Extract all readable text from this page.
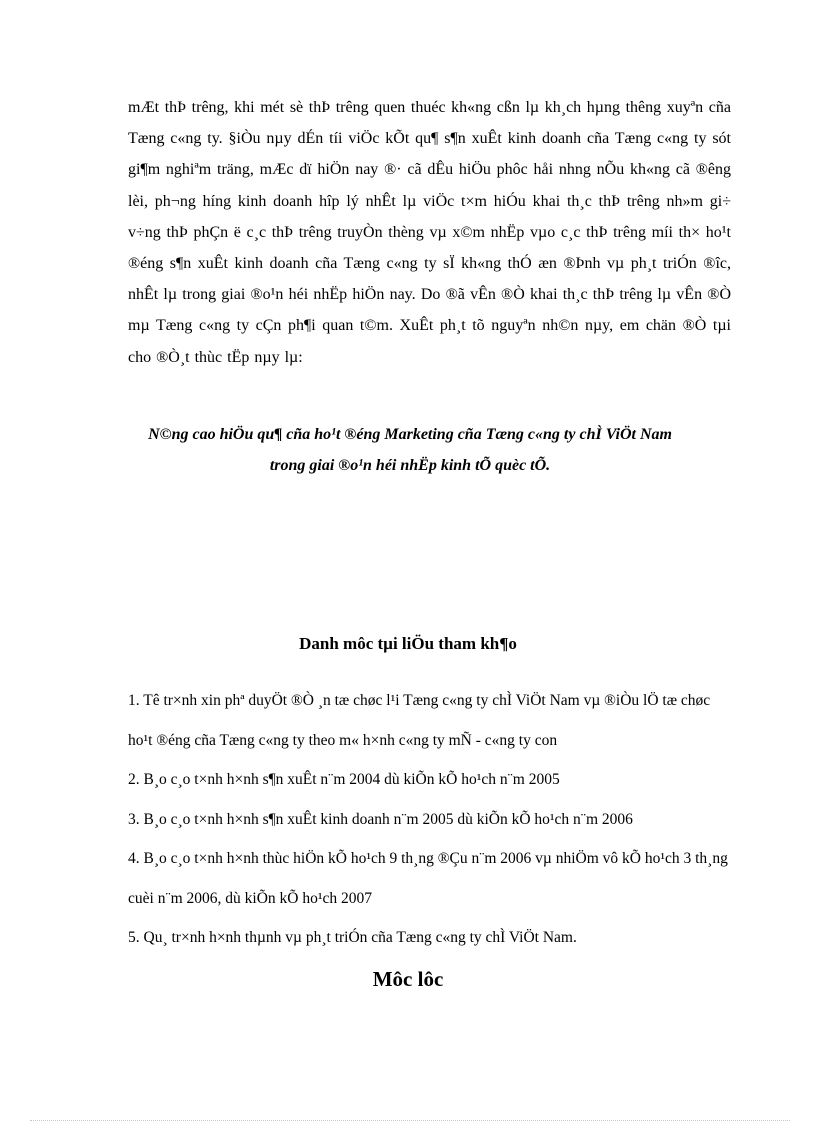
mÆt thÞ trêng, khi mét sè thÞ trêng quen thuéc kh«ng cßn lµ kh¸ch hµng thêng xuyªn cña Tæng c«ng ty. §iÒu nµy dÉn tíi viÖc kÕt qu¶ s¶n xuÊt kinh doanh cña Tæng c«ng ty sót gi¶m nghiªm träng, mÆc dï hiÖn nay ®· cã dÊu hiÖu phôc håi nhng nÕu kh«ng cã ®êng lèi, ph¬ng híng kinh doanh hîp lý nhÊt lµ viÖc t×m hiÓu khai th¸c thÞ trêng nh»m gi÷ v÷ng thÞ phÇn ë c¸c thÞ trêng truyÒn thèng vµ x©m nhËp vµo c¸c thÞ trêng míi th× ho¹t ®éng s¶n xuÊt kinh doanh cña Tæng c«ng ty sÏ kh«ng thÓ æn ®Þnh vµ ph¸t triÓn ®îc, nhÊt lµ trong giai ®o¹n héi nhËp hiÖn nay. Do ®ã vÊn ®Ò khai th¸c thÞ trêng lµ vÊn ®Ò mµ Tæng c«ng ty cÇn ph¶i quan t©m. XuÊt ph¸t tõ nguyªn nh©n nµy, em chän ®Ò tµi cho ®Ò¸t thùc tËp nµy lµ:

N©ng cao hiÖu qu¶ cña ho¹t ®éng Marketing cña Tæng c«ng ty chÌ ViÖt Nam
trong giai ®o¹n héi nhËp kinh tÕ quèc tÕ.
Danh môc tµi liÖu tham kh¶o
1. Tê tr×nh xin phª duyÖt ®Ò ¸n tæ chøc l¹i Tæng c«ng ty chÌ ViÖt Nam vµ ®iÒu lÖ tæ chøc ho¹t ®éng cña Tæng c«ng ty theo m« h×nh c«ng ty mÑ - c«ng ty con
2. B¸o c¸o t×nh h×nh s¶n xuÊt n¨m 2004 dù kiÕn kÕ ho¹ch n¨m 2005
3. B¸o c¸o t×nh h×nh s¶n xuÊt kinh doanh n¨m 2005 dù kiÕn kÕ ho¹ch n¨m 2006
4. B¸o c¸o t×nh h×nh thùc hiÖn kÕ ho¹ch 9 th¸ng ®Çu n¨m 2006 vµ nhiÖm vô kÕ ho¹ch 3 th¸ng cuèi n¨m 2006, dù kiÕn kÕ ho¹ch 2007
5. Qu¸ tr×nh h×nh thµnh vµ ph¸t triÓn cña Tæng c«ng ty chÌ ViÖt Nam.
Môc lôc
